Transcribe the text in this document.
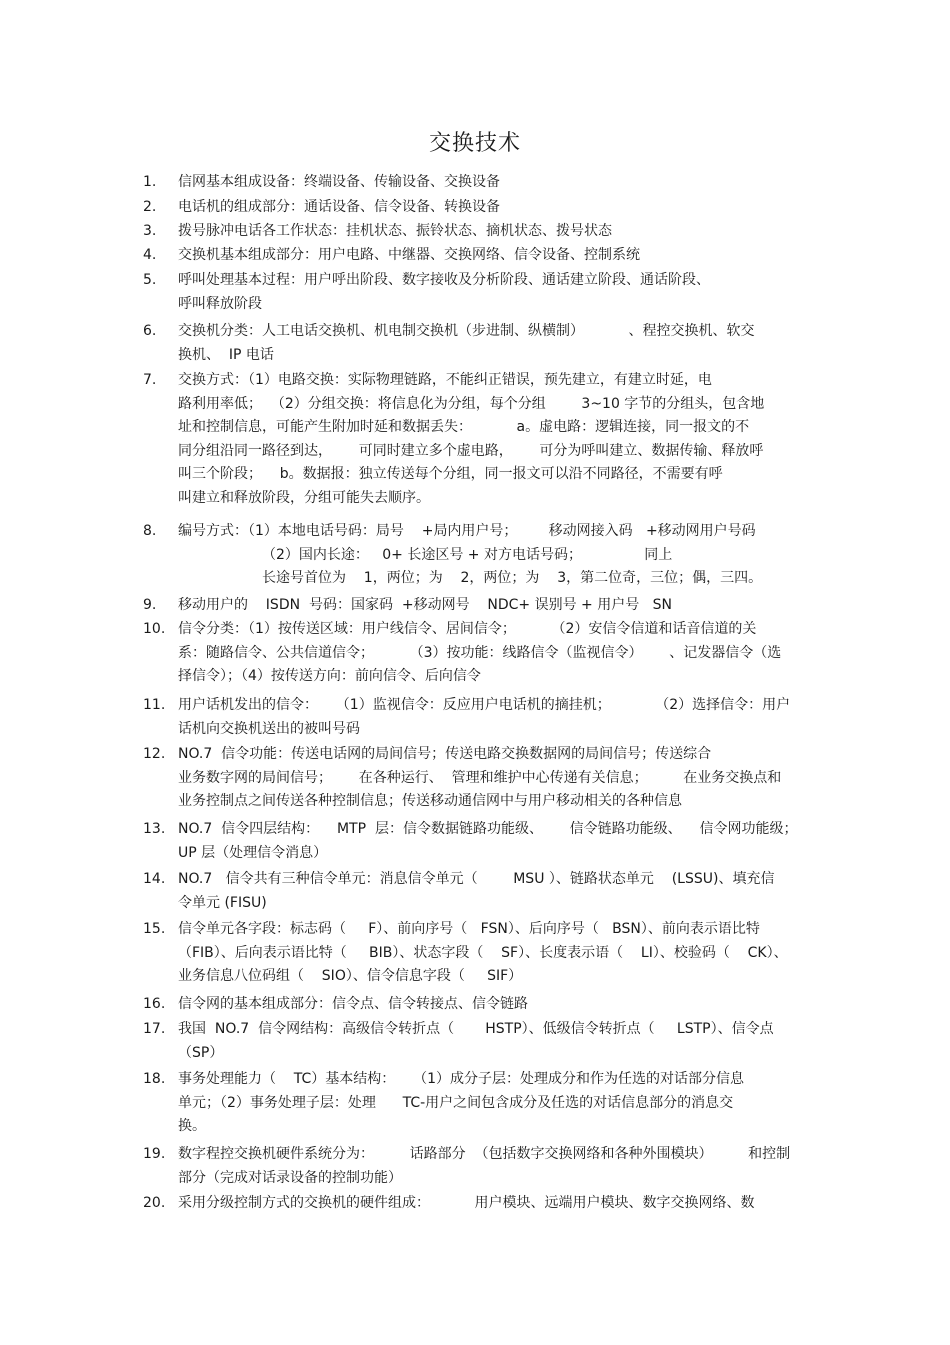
交换技术
1. 信网基本组成设备：终端设备、传输设备、交换设备
2. 电话机的组成部分：通话设备、信令设备、转换设备
3. 拨号脉冲电话各工作状态：挂机状态、振铃状态、摘机状态、拨号状态
4. 交换机基本组成部分：用户电路、中继器、交换网络、信令设备、控制系统
5. 呼叫处理基本过程：用户呼出阶段、数字接收及分析阶段、通话建立阶段、通话阶段、
呼叫释放阶段
6. 交换机分类：人工电话交换机、机电制交换机（步进制、纵横制）          、程控交换机、软交
换机、  IP 电话
7. 交换方式：（1）电路交换：实际物理链路，不能纠正错误，预先建立，有建立时延，电
路利用率低；  （2）分组交换：将信息化为分组，每个分组        3~10 字节的分组头，包含地
址和控制信息，可能产生附加时延和数据丢失：          a。虚电路：逻辑连接，同一报文的不
同分组沿同一路径到达，      可同时建立多个虚电路，      可分为呼叫建立、数据传输、释放呼
叫三个阶段；    b。数据报：独立传送每个分组，同一报文可以沿不同路径，不需要有呼
叫建立和释放阶段，分组可能失去顺序。
8. 编号方式：（1）本地电话号码：局号    +局内用户号；       移动网接入码   +移动网用户号码
（2）国内长途：   0+ 长途区号 + 对方电话号码；              同上
长途号首位为    1，两位；为    2，两位；为    3，第二位奇，三位；偶，三四。
9. 移动用户的    ISDN  号码：国家码  +移动网号    NDC+ 误别号 + 用户号   SN
10. 信令分类：（1）按传送区域：用户线信令、居间信令；        （2）安信令信道和话音信道的关
系：随路信令、公共信道信令；        （3）按功能：线路信令（监视信令）      、记发器信令（选
择信令）；（4）按传送方向：前向信令、后向信令
11. 用户话机发出的信令：    （1）监视信令：反应用户电话机的摘挂机；          （2）选择信令：用户
话机向交换机送出的被叫号码
12. NO.7  信令功能：传送电话网的局间信号；传送电路交换数据网的局间信号；传送综合
业务数字网的局间信号；      在各种运行、  管理和维护中心传递有关信息；        在业务交换点和
业务控制点之间传送各种控制信息；传送移动通信网中与用户移动相关的各种信息
13. NO.7  信令四层结构：    MTP  层：信令数据链路功能级、      信令链路功能级、    信令网功能级；
UP 层（处理信令消息）
14. NO.7   信令共有三种信令单元：消息信令单元（        MSU ）、链路状态单元    (LSSU)、填充信
令单元 (FISU)
15. 信令单元各字段：标志码（     F）、前向序号（   FSN）、后向序号（   BSN）、前向表示语比特
（FIB）、后向表示语比特（     BIB）、状态字段（    SF）、长度表示语（    LI）、校验码（    CK）、
业务信息八位码组（    SIO）、信令信息字段（     SIF）
16. 信令网的基本组成部分：信令点、信令转接点、信令链路
17. 我国  NO.7  信令网结构：高级信令转折点（       HSTP）、低级信令转折点（     LSTP）、信令点
（SP）
18. 事务处理能力（    TC）基本结构：    （1）成分子层：处理成分和作为任选的对话部分信息
单元；（2）事务处理子层：处理      TC-用户之间包含成分及任选的对话信息部分的消息交
换。
19. 数字程控交换机硬件系统分为：        话路部分  （包括数字交换网络和各种外围模块）        和控制
部分（完成对话录设备的控制功能）
20. 采用分级控制方式的交换机的硬件组成：          用户模块、远端用户模块、数字交换网络、数
